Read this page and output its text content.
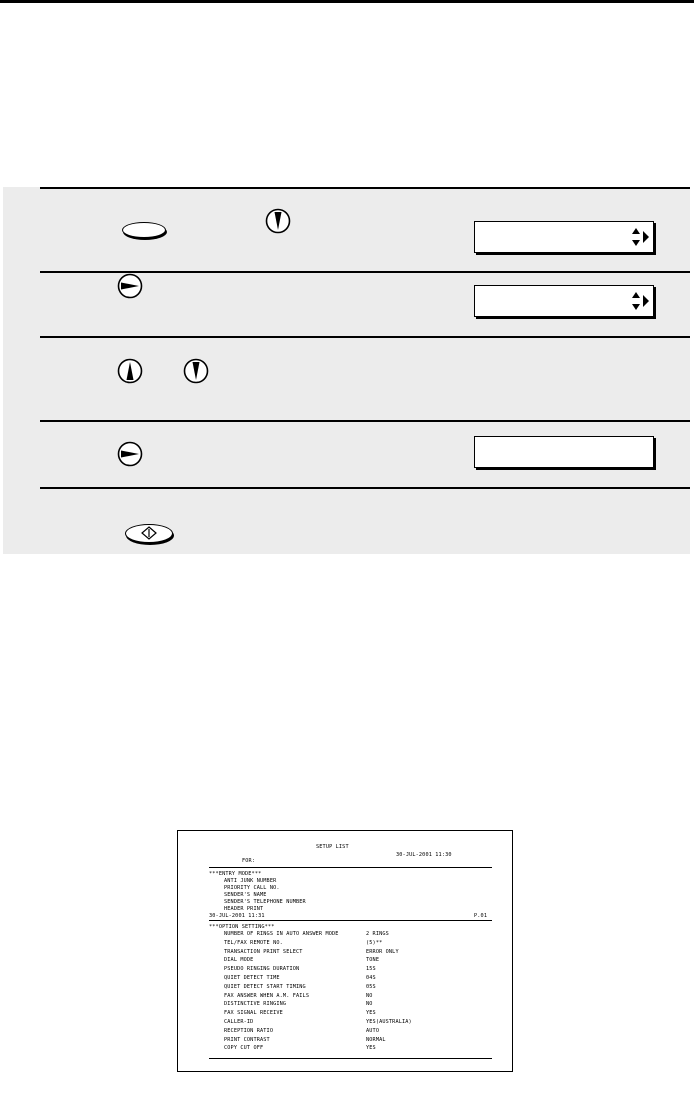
SETUP LIST
30-JUL-2001 11:30
FOR:
***ENTRY MODE***
30-JUL-2001 11:31	P.01
***OPTION SETTING***
ANTI JUNK NUMBER
PRIORITY CALL NO.
SENDER'S NAME
SENDER'S TELEPHONE NUMBER
HEADER PRINT
NUMBER OF RINGS IN AUTO ANSWER MODE	2 RINGS
TEL/FAX REMOTE NO.	(5)**
TRANSACTION PRINT SELECT	ERROR ONLY
DIAL MODE	TONE
PSEUDO RINGING DURATION	15S
QUIET DETECT TIME	04S
QUIET DETECT START TIMING	05S
FAX ANSWER WHEN A.M. FAILS	NO
DISTINCTIVE RINGING	NO
FAX SIGNAL RECEIVE	YES
CALLER-ID	YES(AUSTRALIA)
RECEPTION RATIO	AUTO
PRINT CONTRAST	NORMAL
COPY CUT OFF	YES
